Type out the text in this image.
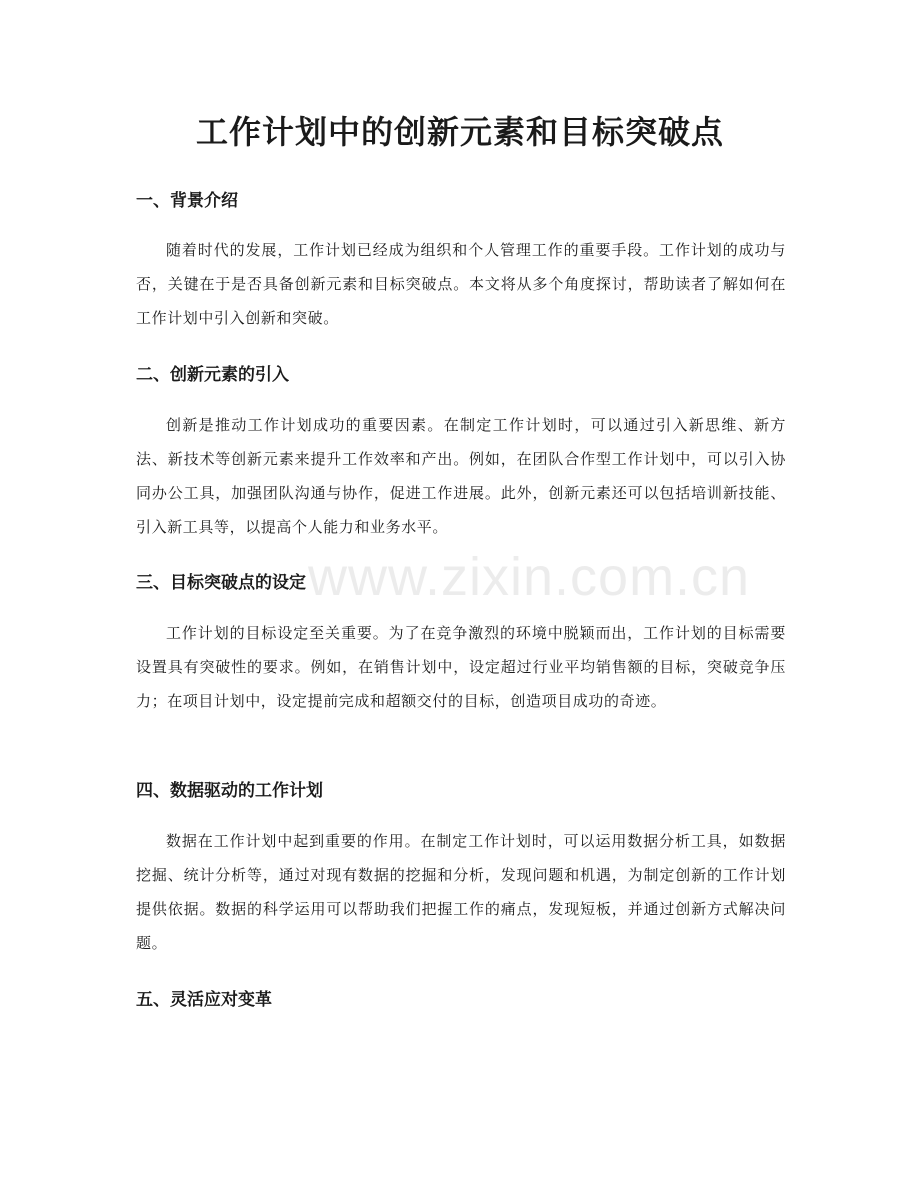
工作计划中的创新元素和目标突破点
一、背景介绍

随着时代的发展，工作计划已经成为组织和个人管理工作的重要手段。工作计划的成功与否，关键在于是否具备创新元素和目标突破点。本文将从多个角度探讨，帮助读者了解如何在工作计划中引入创新和突破。

二、创新元素的引入

创新是推动工作计划成功的重要因素。在制定工作计划时，可以通过引入新思维、新方法、新技术等创新元素来提升工作效率和产出。例如，在团队合作型工作计划中，可以引入协同办公工具，加强团队沟通与协作，促进工作进展。此外，创新元素还可以包括培训新技能、引入新工具等，以提高个人能力和业务水平。

三、目标突破点的设定

工作计划的目标设定至关重要。为了在竞争激烈的环境中脱颖而出，工作计划的目标需要设置具有突破性的要求。例如，在销售计划中，设定超过行业平均销售额的目标，突破竞争压力；在项目计划中，设定提前完成和超额交付的目标，创造项目成功的奇迹。

四、数据驱动的工作计划

数据在工作计划中起到重要的作用。在制定工作计划时，可以运用数据分析工具，如数据挖掘、统计分析等，通过对现有数据的挖掘和分析，发现问题和机遇，为制定创新的工作计划提供依据。数据的科学运用可以帮助我们把握工作的痛点，发现短板，并通过创新方式解决问题。

五、灵活应对变革
www.zixin.com.cn
